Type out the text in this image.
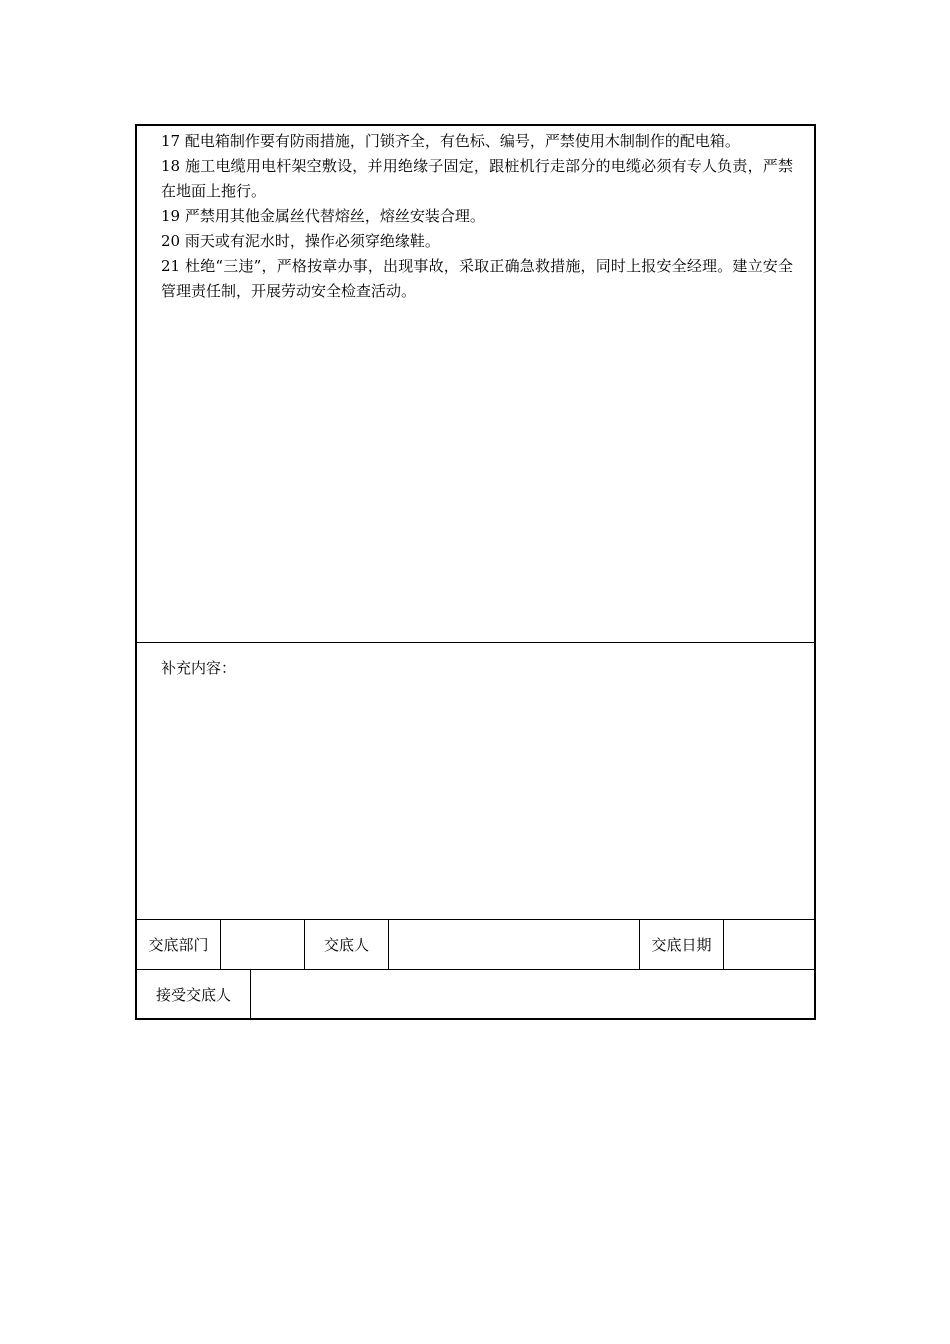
17 配电箱制作要有防雨措施，门锁齐全，有色标、编号，严禁使用木制制作的配电箱。

18 施工电缆用电杆架空敷设，并用绝缘子固定，跟桩机行走部分的电缆必须有专人负责，严禁在地面上拖行。

19 严禁用其他金属丝代替熔丝，熔丝安装合理。

20 雨天或有泥水时，操作必须穿绝缘鞋。

21 杜绝“三违”，严格按章办事，出现事故，采取正确急救措施，同时上报安全经理。建立安全管理责任制，开展劳动安全检查活动。

补充内容：
交底部门	交底人	交底日期
接受交底人
